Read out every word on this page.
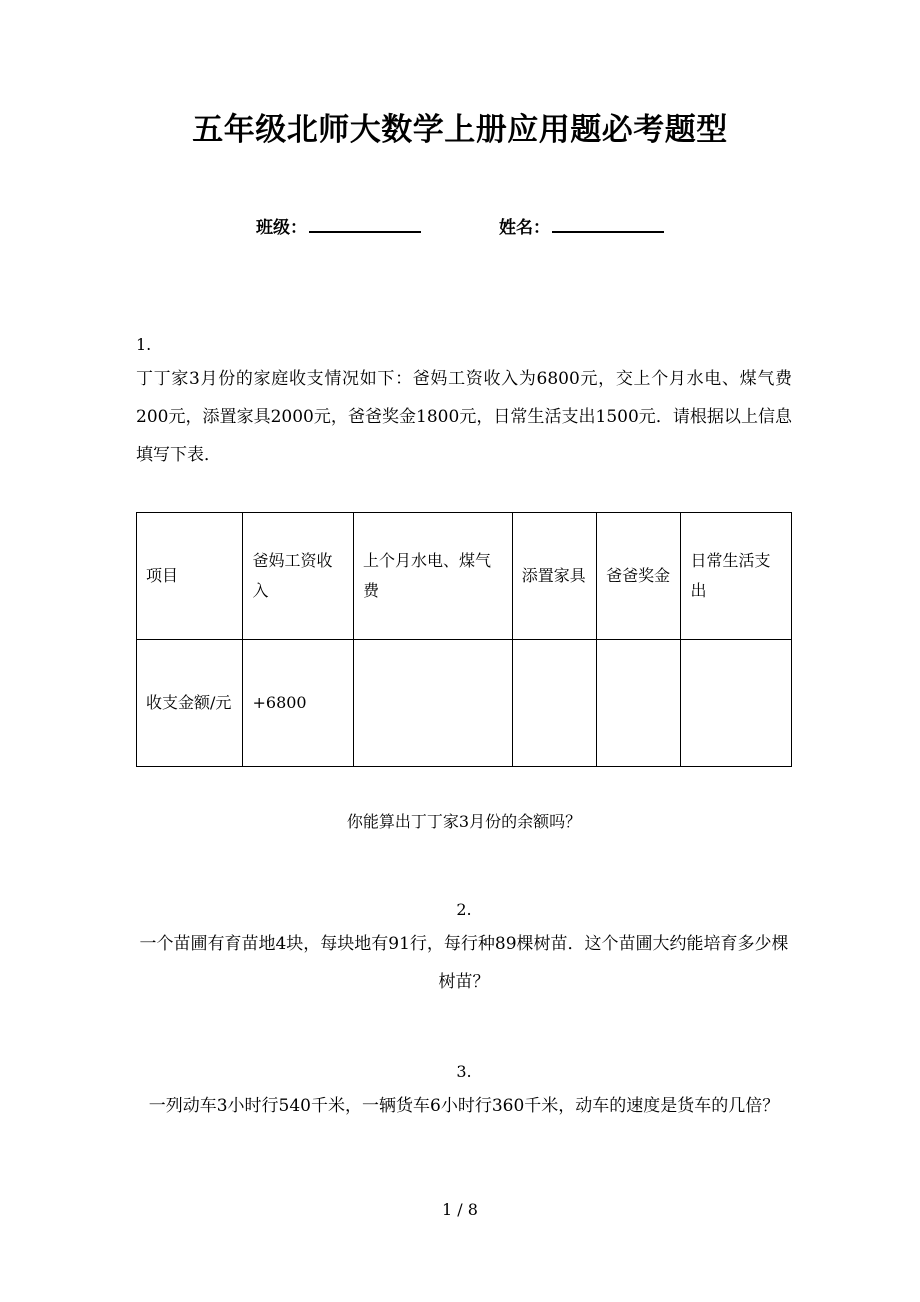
五年级北师大数学上册应用题必考题型
班级：	姓名：
1.
丁丁家3月份的家庭收支情况如下：爸妈工资收入为6800元，交上个月水电、煤气费200元，添置家具2000元，爸爸奖金1800元，日常生活支出1500元．请根据以上信息填写下表．
项目	爸妈工资收入	上个月水电、煤气费	添置家具	爸爸奖金	日常生活支出
收支金额/元	+6800				
你能算出丁丁家3月份的余额吗？
2.
一个苗圃有育苗地4块，每块地有91行，每行种89棵树苗．这个苗圃大约能培育多少棵树苗？
3.
一列动车3小时行540千米，一辆货车6小时行360千米，动车的速度是货车的几倍？
1 / 8
